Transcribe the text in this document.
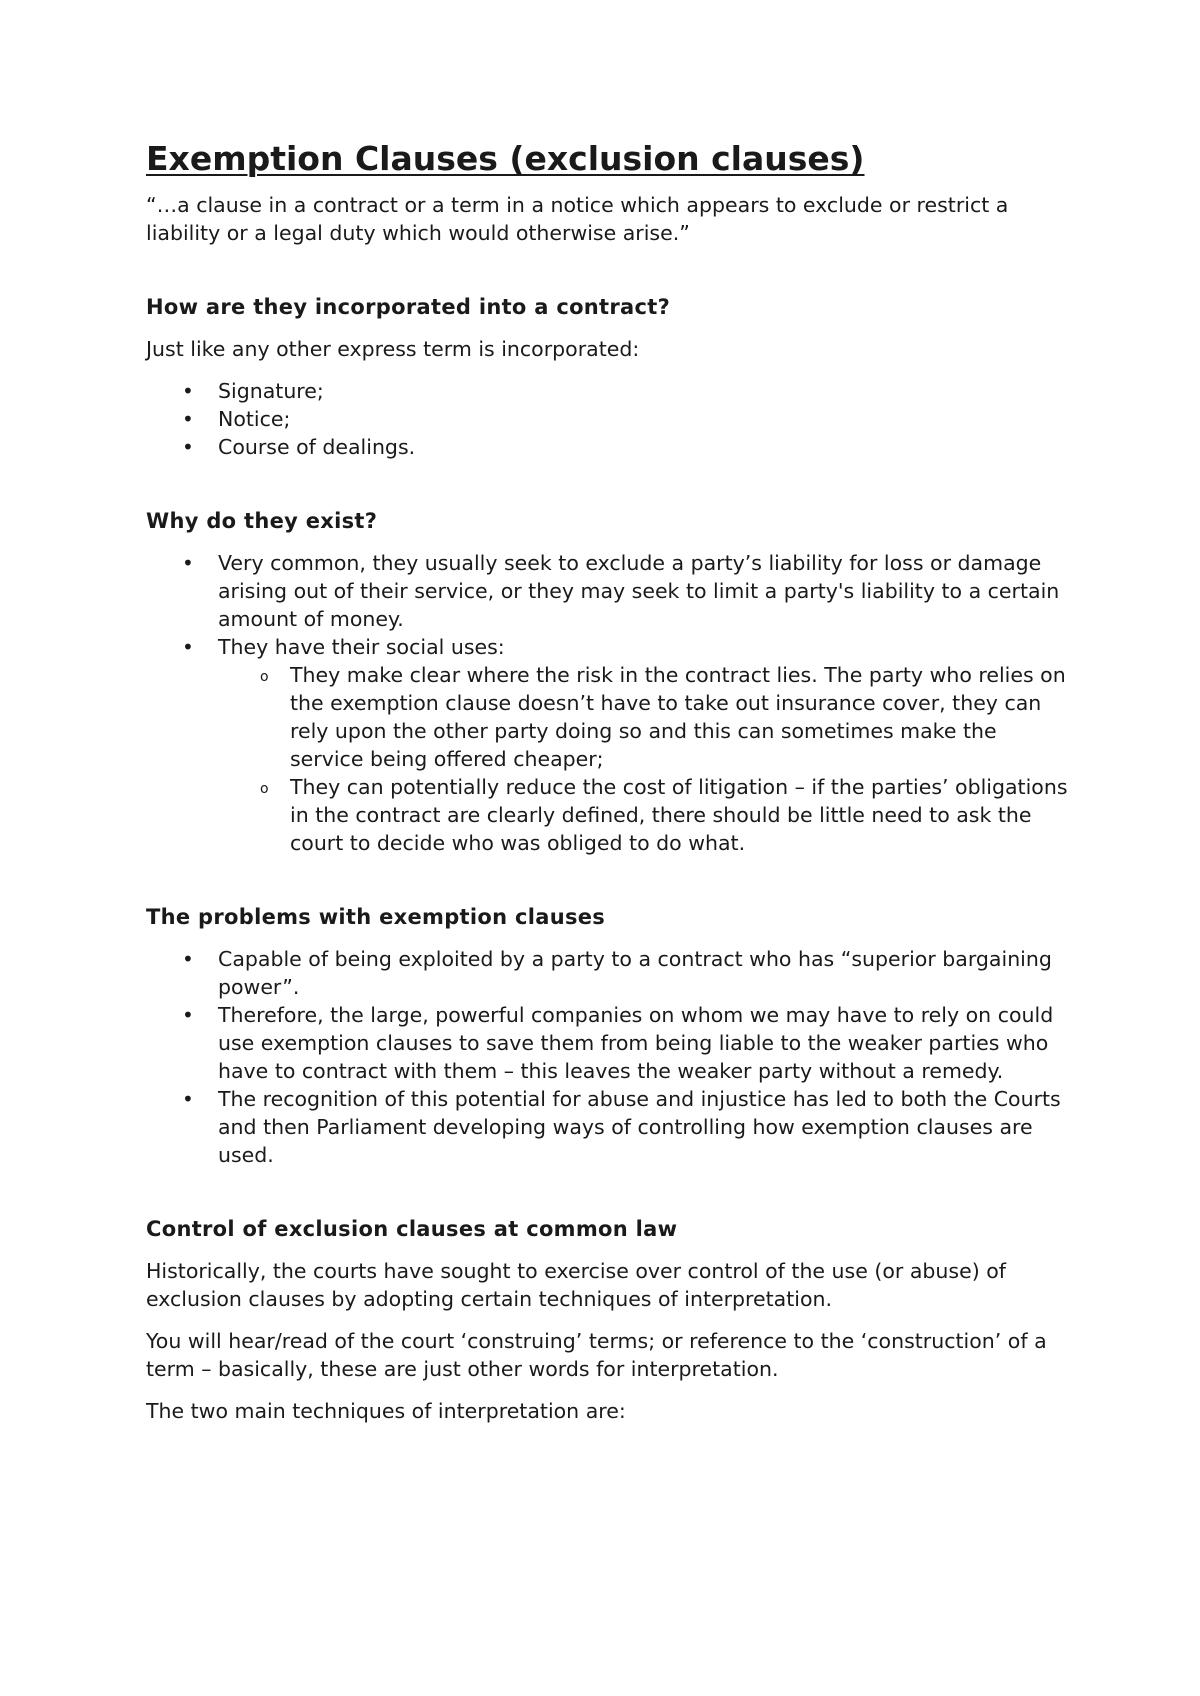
Exemption Clauses (exclusion clauses)

“…a clause in a contract or a term in a notice which appears to exclude or restrict a liability or a legal duty which would otherwise arise.”

How are they incorporated into a contract?

Just like any other express term is incorporated:

• Signature;
• Notice;
• Course of dealings.
Why do they exist?
• Very common, they usually seek to exclude a party’s liability for loss or damage arising out of their service, or they may seek to limit a party's liability to a certain amount of money.
• They have their social uses:
o They make clear where the risk in the contract lies. The party who relies on the exemption clause doesn’t have to take out insurance cover, they can rely upon the other party doing so and this can sometimes make the service being offered cheaper;
o They can potentially reduce the cost of litigation – if the parties’ obligations in the contract are clearly defined, there should be little need to ask the court to decide who was obliged to do what.
The problems with exemption clauses
• Capable of being exploited by a party to a contract who has “superior bargaining power”.
• Therefore, the large, powerful companies on whom we may have to rely on could use exemption clauses to save them from being liable to the weaker parties who have to contract with them – this leaves the weaker party without a remedy.
• The recognition of this potential for abuse and injustice has led to both the Courts and then Parliament developing ways of controlling how exemption clauses are used.
Control of exclusion clauses at common law

Historically, the courts have sought to exercise over control of the use (or abuse) of exclusion clauses by adopting certain techniques of interpretation.

You will hear/read of the court ‘construing’ terms; or reference to the ‘construction’ of a term – basically, these are just other words for interpretation.

The two main techniques of interpretation are:
